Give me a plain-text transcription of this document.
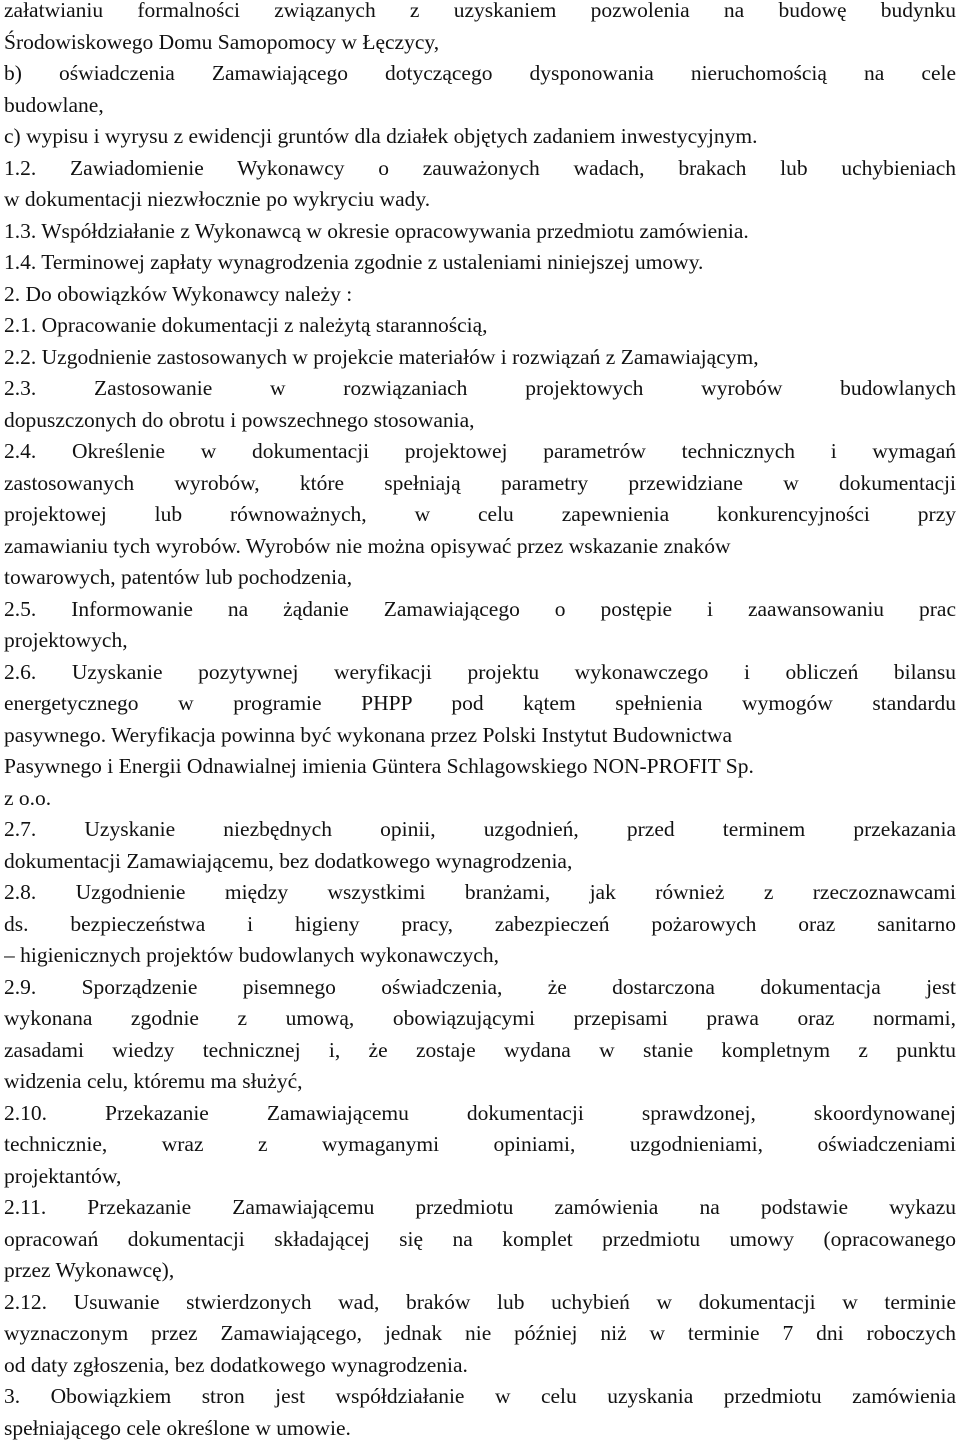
załatwianiu formalności związanych z uzyskaniem pozwolenia na budowę budynku
Środowiskowego Domu Samopomocy w Łęczycy,
b) oświadczenia Zamawiającego dotyczącego dysponowania nieruchomością na cele
budowlane,
c) wypisu i wyrysu z ewidencji gruntów dla działek objętych zadaniem inwestycyjnym.
1.2. Zawiadomienie Wykonawcy o zauważonych wadach, brakach lub uchybieniach
w dokumentacji niezwłocznie po wykryciu wady.
1.3. Współdziałanie z Wykonawcą w okresie opracowywania przedmiotu zamówienia.
1.4. Terminowej zapłaty wynagrodzenia zgodnie z ustaleniami niniejszej umowy.
2. Do obowiązków Wykonawcy należy :
2.1. Opracowanie dokumentacji z należytą starannością,
2.2. Uzgodnienie zastosowanych w projekcie materiałów i rozwiązań z Zamawiającym,
2.3. Zastosowanie w rozwiązaniach projektowych wyrobów budowlanych
dopuszczonych do obrotu i powszechnego stosowania,
2.4. Określenie w dokumentacji projektowej parametrów technicznych i wymagań
zastosowanych wyrobów, które spełniają parametry przewidziane w dokumentacji
projektowej lub równoważnych, w celu zapewnienia konkurencyjności przy
zamawianiu tych wyrobów. Wyrobów nie można opisywać przez wskazanie znaków
towarowych, patentów lub pochodzenia,
2.5. Informowanie na żądanie Zamawiającego o postępie i zaawansowaniu prac
projektowych,
2.6. Uzyskanie pozytywnej weryfikacji projektu wykonawczego i obliczeń bilansu
energetycznego w programie PHPP pod kątem spełnienia wymogów standardu
pasywnego. Weryfikacja powinna być wykonana przez Polski Instytut Budownictwa
Pasywnego i Energii Odnawialnej imienia Güntera Schlagowskiego NON-PROFIT Sp.
z o.o.
2.7. Uzyskanie niezbędnych opinii, uzgodnień, przed terminem przekazania
dokumentacji Zamawiającemu, bez dodatkowego wynagrodzenia,
2.8. Uzgodnienie między wszystkimi branżami, jak również z rzeczoznawcami
ds. bezpieczeństwa i higieny pracy, zabezpieczeń pożarowych oraz sanitarno
– higienicznych projektów budowlanych wykonawczych,
2.9. Sporządzenie pisemnego oświadczenia, że dostarczona dokumentacja jest
wykonana zgodnie z umową, obowiązującymi przepisami prawa oraz normami,
zasadami wiedzy technicznej i, że zostaje wydana w stanie kompletnym z punktu
widzenia celu, któremu ma służyć,
2.10. Przekazanie Zamawiającemu dokumentacji sprawdzonej, skoordynowanej
technicznie, wraz z wymaganymi opiniami, uzgodnieniami, oświadczeniami
projektantów,
2.11. Przekazanie Zamawiającemu przedmiotu zamówienia na podstawie wykazu
opracowań dokumentacji składającej się na komplet przedmiotu umowy (opracowanego
przez Wykonawcę),
2.12. Usuwanie stwierdzonych wad, braków lub uchybień w dokumentacji w terminie
wyznaczonym przez Zamawiającego, jednak nie później niż w terminie 7 dni roboczych
od daty zgłoszenia, bez dodatkowego wynagrodzenia.
3. Obowiązkiem stron jest współdziałanie w celu uzyskania przedmiotu zamówienia
spełniającego cele określone w umowie.
